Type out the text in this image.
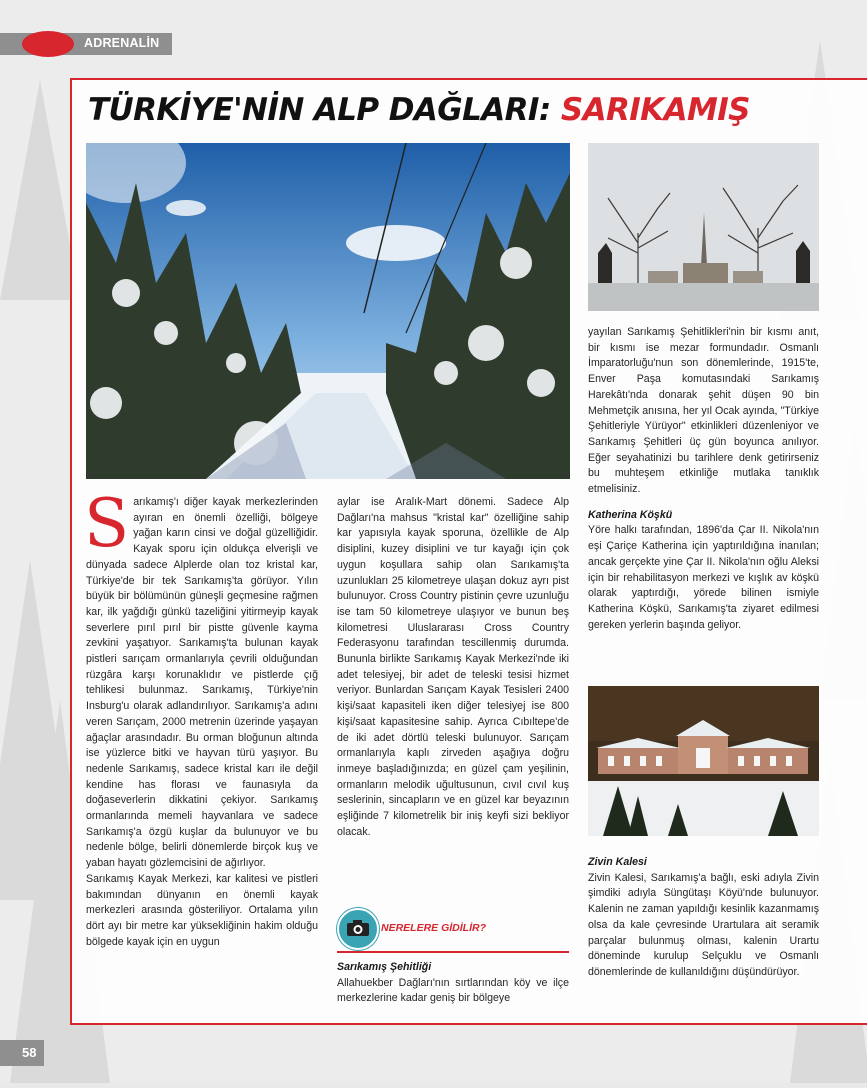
ADRENALİN
TÜRKİYE'NİN ALP DAĞLARI: SARIKAMIŞ
S arıkamış'ı diğer kayak merkezlerinden ayıran en önemli özelliği, bölgeye yağan karın cinsi ve doğal güzelliğidir. Kayak sporu için oldukça elverişli ve dünyada sadece Alplerde olan toz kristal kar, Türkiye'de bir tek Sarıkamış'ta görüyor. Yılın büyük bir bölümünün güneşli geçmesine rağmen kar, ilk yağdığı günkü tazeliğini yitirmeyip kayak severlere pırıl pırıl bir pistte güvenle kayma zevkini yaşatıyor. Sarıkamış'ta bulunan kayak pistleri sarıçam ormanlarıyla çevrili olduğundan rüzgâra karşı korunaklıdır ve pistlerde çığ tehlikesi bulunmaz. Sarıkamış, Türkiye'nin Insburg'u olarak adlandırılıyor. Sarıkamış'a adını veren Sarıçam, 2000 metrenin üzerinde yaşayan ağaçlar arasındadır. Bu orman bloğunun altında ise yüzlerce bitki ve hayvan türü yaşıyor. Bu nedenle Sarıkamış, sadece kristal karı ile değil kendine has florası ve faunasıyla da doğaseverlerin dikkatini çekiyor. Sarıkamış ormanlarında memeli hayvanlara ve sadece Sarıkamış'a özgü kuşlar da bulunuyor ve bu nedenle bölge, belirli dönemlerde birçok kuş ve yaban hayatı gözlemcisini de ağırlıyor.

Sarıkamış Kayak Merkezi, kar kalitesi ve pistleri bakımından dünyanın en önemli kayak merkezleri arasında gösteriliyor. Ortalama yılın dört ayı bir metre kar yüksekliğinin hakim olduğu bölgede kayak için en uygun

aylar ise Aralık-Mart dönemi. Sadece Alp Dağları'na mahsus "kristal kar" özelliğine sahip kar yapısıyla kayak sporuna, özellikle de Alp disiplini, kuzey disiplini ve tur kayağı için çok uygun koşullara sahip olan Sarıkamış'ta uzunlukları 25 kilometreye ulaşan dokuz ayrı pist bulunuyor. Cross Country pistinin çevre uzunluğu ise tam 50 kilometreye ulaşıyor ve bunun beş kilometresi Uluslararası Cross Country Federasyonu tarafından tescillenmiş durumda. Bununla birlikte Sarıkamış Kayak Merkezi'nde iki adet telesiyej, bir adet de teleski tesisi hizmet veriyor. Bunlardan Sarıçam Kayak Tesisleri 2400 kişi/saat kapasiteli iken diğer telesiyej ise 800 kişi/saat kapasitesine sahip. Ayrıca Cıbıltepe'de de iki adet dörtlü teleski bulunuyor. Sarıçam ormanlarıyla kaplı zirveden aşağıya doğru inmeye başladığınızda; en güzel çam yeşilinin, ormanların melodik uğultusunun, cıvıl cıvıl kuş seslerinin, sincapların ve en güzel kar beyazının eşliğinde 7 kilometrelik bir iniş keyfi sizi bekliyor olacak.

NERELERE GİDİLİR?

Sarıkamış Şehitliği

Allahuekber Dağları'nın sırtlarından köy ve ilçe merkezlerine kadar geniş bir bölgeye

yayılan Sarıkamış Şehitlikleri'nin bir kısmı anıt, bir kısmı ise mezar formundadır. Osmanlı İmparatorluğu'nun son dönemlerinde, 1915'te, Enver Paşa komutasındaki Sarıkamış Harekâtı'nda donarak şehit düşen 90 bin Mehmetçik anısına, her yıl Ocak ayında, "Türkiye Şehitleriyle Yürüyor" etkinlikleri düzenleniyor ve Sarıkamış Şehitleri üç gün boyunca anılıyor. Eğer seyahatinizi bu tarihlere denk getirirseniz bu muhteşem etkinliğe mutlaka tanıklık etmelisiniz.

Katherina Köşkü

Yöre halkı tarafından, 1896'da Çar II. Nikola'nın eşi Çariçe Katherina için yaptırıldığına inanılan; ancak gerçekte yine Çar II. Nikola'nın oğlu Aleksi için bir rehabilitasyon merkezi ve kışlık av köşkü olarak yaptırdığı, yörede bilinen ismiyle Katherina Köşkü, Sarıkamış'ta ziyaret edilmesi gereken yerlerin başında geliyor.

Zivin Kalesi

Zivin Kalesi, Sarıkamış'a bağlı, eski adıyla Zivin şimdiki adıyla Süngütaşı Köyü'nde bulunuyor. Kalenin ne zaman yapıldığı kesinlik kazanmamış olsa da kale çevresinde Urartulara ait seramik parçalar bulunmuş olması, kalenin Urartu döneminde kurulup Selçuklu ve Osmanlı dönemlerinde de kullanıldığını düşündürüyor.

58
